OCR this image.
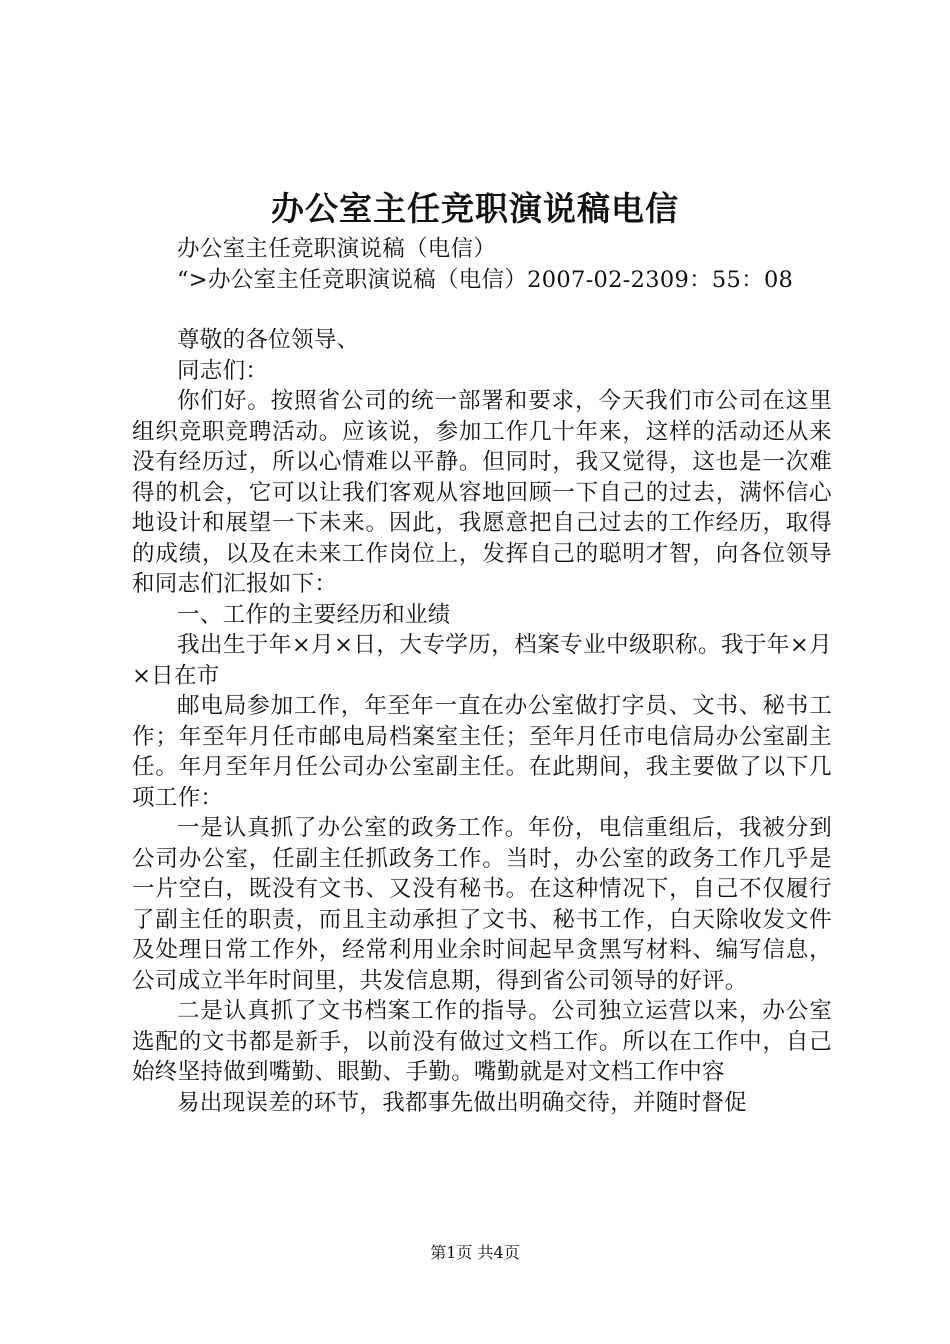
办公室主任竞职演说稿电信

办公室主任竞职演说稿（电信）

“>办公室主任竞职演说稿（电信）2007-02-2309：55：08

尊敬的各位领导、

同志们：

你们好。按照省公司的统一部署和要求，今天我们市公司在这里组织竞职竞聘活动。应该说，参加工作几十年来，这样的活动还从来没有经历过，所以心情难以平静。但同时，我又觉得，这也是一次难得的机会，它可以让我们客观从容地回顾一下自己的过去，满怀信心地设计和展望一下未来。因此，我愿意把自己过去的工作经历，取得的成绩，以及在未来工作岗位上，发挥自己的聪明才智，向各位领导和同志们汇报如下：

一、工作的主要经历和业绩

我出生于年×月×日，大专学历，档案专业中级职称。我于年×月×日在市

邮电局参加工作，年至年一直在办公室做打字员、文书、秘书工作；年至年月任市邮电局档案室主任；至年月任市电信局办公室副主任。年月至年月任公司办公室副主任。在此期间，我主要做了以下几项工作：

一是认真抓了办公室的政务工作。年份，电信重组后，我被分到公司办公室，任副主任抓政务工作。当时，办公室的政务工作几乎是一片空白，既没有文书、又没有秘书。在这种情况下，自己不仅履行了副主任的职责，而且主动承担了文书、秘书工作，白天除收发文件及处理日常工作外，经常利用业余时间起早贪黑写材料、编写信息，公司成立半年时间里，共发信息期，得到省公司领导的好评。

二是认真抓了文书档案工作的指导。公司独立运营以来，办公室选配的文书都是新手，以前没有做过文档工作。所以在工作中，自己始终坚持做到嘴勤、眼勤、手勤。嘴勤就是对文档工作中容

易出现误差的环节，我都事先做出明确交待，并随时督促

第1页 共4页
